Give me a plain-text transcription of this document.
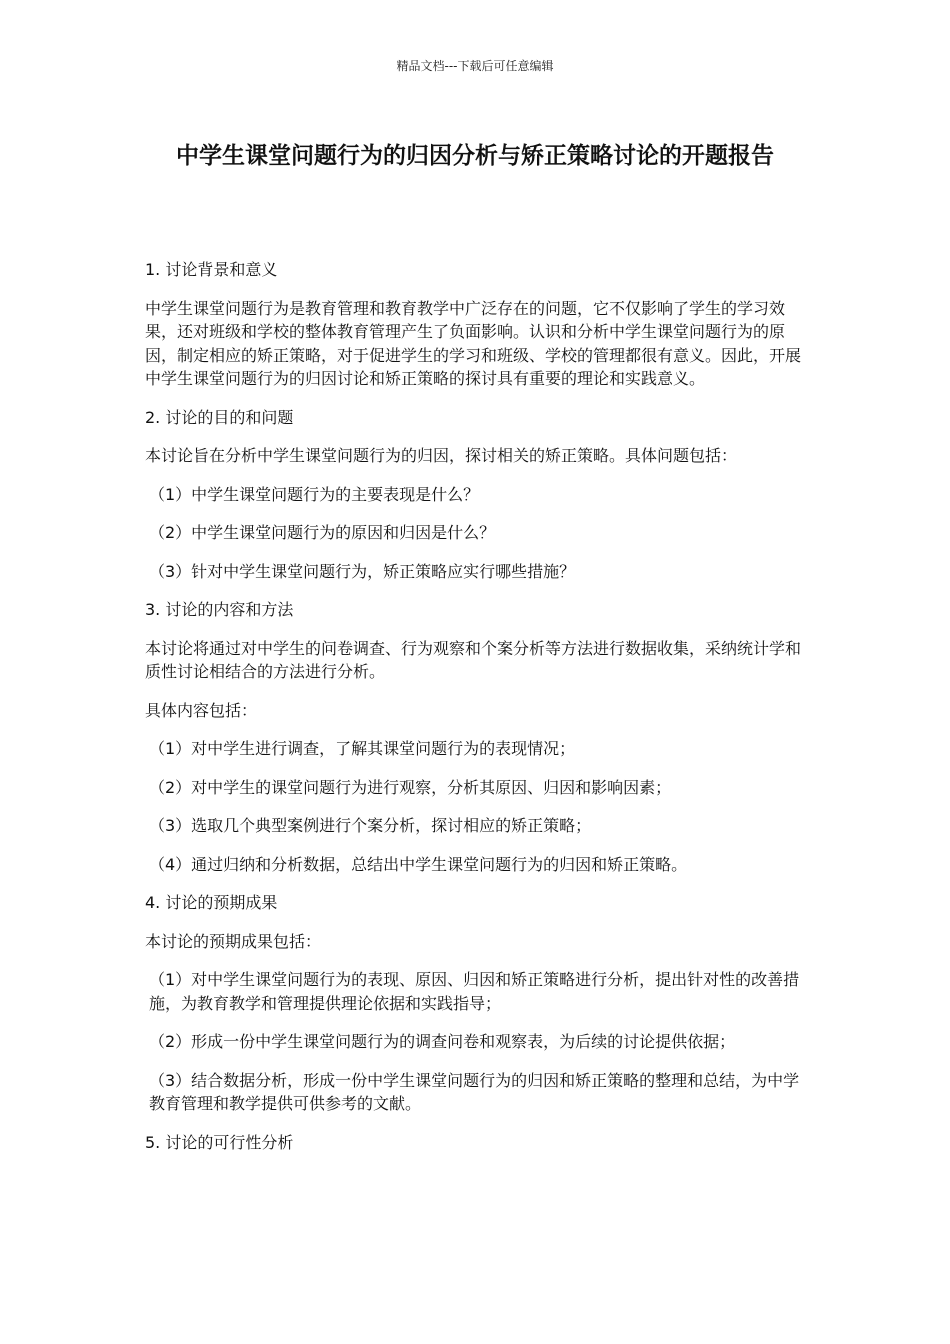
精品文档---下载后可任意编辑
中学生课堂问题行为的归因分析与矫正策略讨论的开题报告

1. 讨论背景和意义

中学生课堂问题行为是教育管理和教育教学中广泛存在的问题，它不仅影响了学生的学习效果，还对班级和学校的整体教育管理产生了负面影响。认识和分析中学生课堂问题行为的原因，制定相应的矫正策略，对于促进学生的学习和班级、学校的管理都很有意义。因此，开展中学生课堂问题行为的归因讨论和矫正策略的探讨具有重要的理论和实践意义。

2. 讨论的目的和问题

本讨论旨在分析中学生课堂问题行为的归因，探讨相关的矫正策略。具体问题包括：

（1）中学生课堂问题行为的主要表现是什么？

（2）中学生课堂问题行为的原因和归因是什么？

（3）针对中学生课堂问题行为，矫正策略应实行哪些措施？

3. 讨论的内容和方法

本讨论将通过对中学生的问卷调查、行为观察和个案分析等方法进行数据收集，采纳统计学和质性讨论相结合的方法进行分析。

具体内容包括：

（1）对中学生进行调查，了解其课堂问题行为的表现情况；

（2）对中学生的课堂问题行为进行观察，分析其原因、归因和影响因素；

（3）选取几个典型案例进行个案分析，探讨相应的矫正策略；

（4）通过归纳和分析数据，总结出中学生课堂问题行为的归因和矫正策略。

4. 讨论的预期成果

本讨论的预期成果包括：

（1）对中学生课堂问题行为的表现、原因、归因和矫正策略进行分析，提出针对性的改善措施，为教育教学和管理提供理论依据和实践指导；

（2）形成一份中学生课堂问题行为的调查问卷和观察表，为后续的讨论提供依据；

（3）结合数据分析，形成一份中学生课堂问题行为的归因和矫正策略的整理和总结，为中学教育管理和教学提供可供参考的文献。

5. 讨论的可行性分析
